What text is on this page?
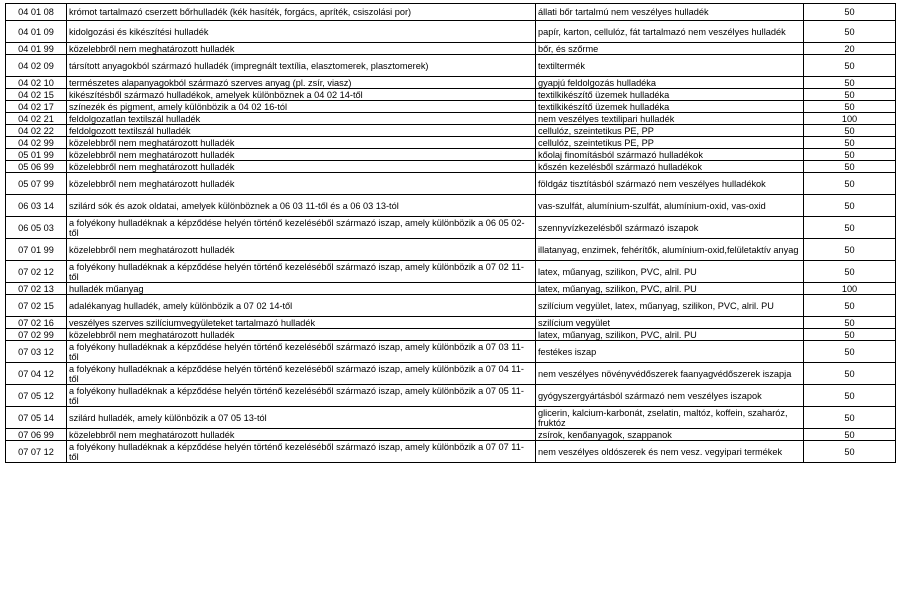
04 01 08	krómot tartalmazó cserzett bőrhulladék (kék hasíték, forgács, apríték, csiszolási por)	állati bőr tartalmú nem veszélyes hulladék	50
04 01 09	kidolgozási és kikészítési hulladék	papír, karton, cellulóz, fát tartalmazó nem veszélyes hulladék	50
04 01 99	közelebbről nem meghatározott hulladék	bőr, és szőrme	20
04 02 09	társított anyagokból származó hulladék (impregnált textília, elasztomerek, plasztomerek)	textiltermék	50
04 02 10	természetes alapanyagokból származó szerves anyag (pl. zsír, viasz)	gyapjú feldolgozás hulladéka	50
04 02 15	kikészítésből származó hulladékok, amelyek különböznek a 04 02 14-től	textilkikészítő üzemek hulladéka	50
04 02 17	színezék és pigment, amely különbözik a 04 02 16-tól	textilkikészítő üzemek hulladéka	50
04 02 21	feldolgozatlan textilszál hulladék	nem veszélyes textilipari hulladék	100
04 02 22	feldolgozott textilszál hulladék	cellulóz, szeintetikus PE, PP	50
04 02 99	közelebbről nem meghatározott hulladék	cellulóz, szeintetikus PE, PP	50
05 01 99	közelebbről nem meghatározott hulladék	kőolaj finomításból származó hulladékok	50
05 06 99	közelebbről nem meghatározott hulladék	kőszén kezelésből származó hulladékok	50
05 07 99	közelebbről nem meghatározott hulladék	földgáz tisztításból származó nem veszélyes hulladékok	50
06 03 14	szilárd sók és azok oldatai, amelyek különböznek a 06 03 11-től és a 06 03 13-tól	vas-szulfát, alumínium-szulfát, alumínium-oxid, vas-oxid	50
06 05 03	a folyékony hulladéknak a képződése helyén történő kezeléséből származó iszap, amely különbözik a 06 05 02-től	szennyvízkezelésből származó iszapok	50
07 01 99	közelebbről nem meghatározott hulladék	illatanyag, enzimek, fehérítők, alumínium-oxid,felületaktív anyag	50
07 02 12	a folyékony hulladéknak a képződése helyén történő kezeléséből származó iszap, amely különbözik a 07 02 11-től	latex, műanyag, szilikon, PVC, alril. PU	50
07 02 13	hulladék műanyag	latex, műanyag, szilikon, PVC, alril. PU	100
07 02 15	adalékanyag hulladék, amely különbözik a 07 02 14-től	szilícium vegyület, latex, műanyag, szilikon, PVC, alril. PU	50
07 02 16	veszélyes szerves szilíciumvegyületeket tartalmazó hulladék	szilícium vegyület	50
07 02 99	közelebbről nem meghatározott hulladék	latex, műanyag, szilikon, PVC, alril. PU	50
07 03 12	a folyékony hulladéknak a képződése helyén történő kezeléséből származó iszap, amely különbözik a 07 03 11-től	festékes iszap	50
07 04 12	a folyékony hulladéknak a képződése helyén történő kezeléséből származó iszap, amely különbözik a 07 04 11-től	nem veszélyes növényvédőszerek faanyagvédőszerek iszapja	50
07 05 12	a folyékony hulladéknak a képződése helyén történő kezeléséből származó iszap, amely különbözik a 07 05 11-től	gyógyszergyártásból származó nem veszélyes iszapok	50
07 05 14	szilárd hulladék, amely különbözik a 07 05 13-tól	glicerin, kalcium-karbonát, zselatin, maltóz, koffein, szaharóz, fruktóz	50
07 06 99	közelebbről nem meghatározott hulladék	zsírok, kenőanyagok, szappanok	50
07 07 12	a folyékony hulladéknak a képződése helyén történő kezeléséből származó iszap, amely különbözik a 07 07 11-től	nem veszélyes oldószerek és nem vesz. vegyipari termékek	50
